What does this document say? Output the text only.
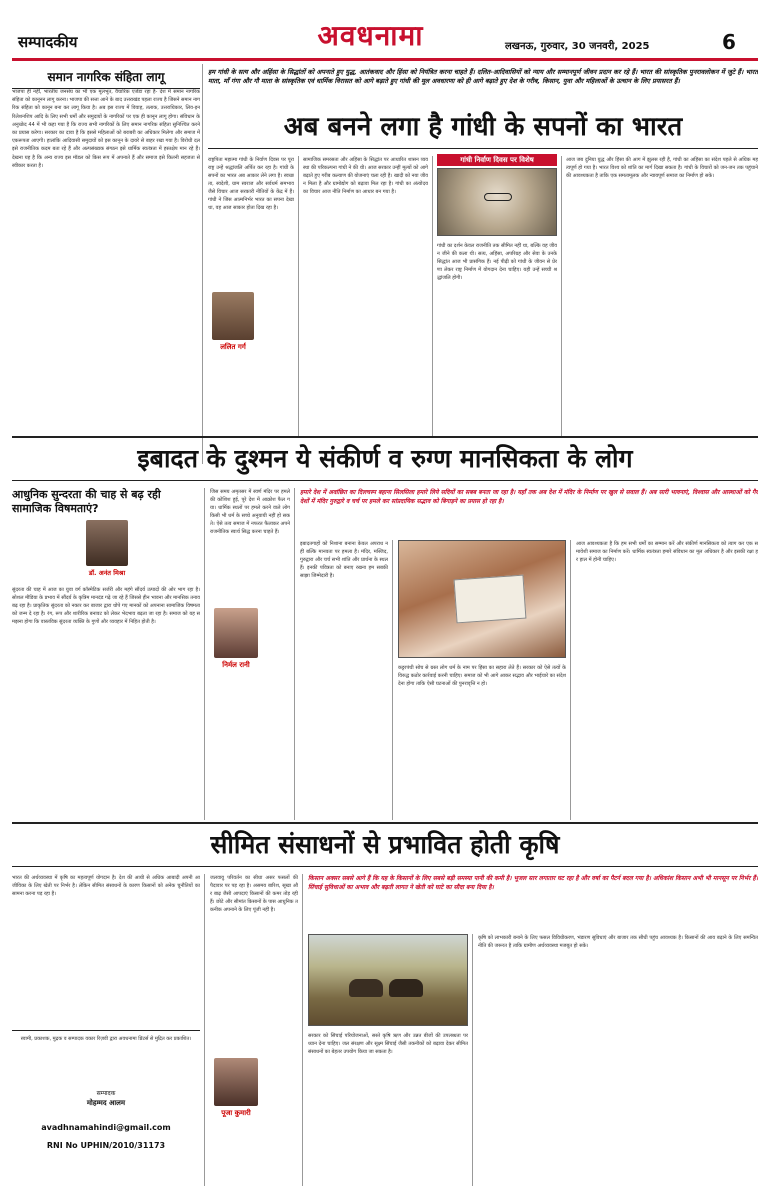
सम्पादकीय	अवधनामा	लखनऊ, गुरुवार, 30 जनवरी, 2025	6
समान नागरिक संहिता लागू
भाजपा ही नहीं, भारतीय जनसंघ का भी एक मूलभूत, वैचारिक एजेंडा रहा है- देश में समान नागरिक संहिता को कानूनन लागू करना। भाजपा की सत्ता आने के बाद उत्तराखंड पहला राज्य है जिसने समान नागरिक संहिता को कानून बना कर लागू किया है। अब इस राज्य में विवाह, तलाक, उत्तराधिकार, लिव-इन रिलेशनशिप आदि के लिए सभी धर्मों और समुदायों के नागरिकों पर एक ही कानून लागू होगा। संविधान के अनुच्छेद 44 में भी कहा गया है कि राज्य सभी नागरिकों के लिए समान नागरिक संहिता सुनिश्चित करने का प्रयास करेगा। सरकार का दावा है कि इससे महिलाओं को बराबरी का अधिकार मिलेगा और समाज में एकरूपता आएगी। हालांकि आदिवासी समुदायों को इस कानून के दायरे से बाहर रखा गया है। विरोधी दल इसे राजनीतिक कदम बता रहे हैं और अल्पसंख्यक संगठन इसे धार्मिक स्वतंत्रता में हस्तक्षेप मान रहे हैं। देखना यह है कि अन्य राज्य इस मॉडल को किस रूप में अपनाते हैं और समाज इसे कितनी सहजता से स्वीकार करता है।
हम गांधी के सत्य और अहिंसा के सिद्धांतों को अपनाते हुए युद्ध, आतंकवाद और हिंसा को नियंत्रित करना चाहते हैं। दलित-आदिवासियों को न्याय और सम्मानपूर्ण जीवन प्रदान कर रहे हैं। भारत की सांस्कृतिक पुनरावलोकन में जुटे हैं। भारत माता, माँ गंगा और गौ माता के सांस्कृतिक एवं धार्मिक विरासत को आगे बढ़ाते हुए गांधी की मूल अवधारणा को ही आगे बढ़ाते हुए देश के गरीब, किसान, युवा और महिलाओं के उत्थान के लिए प्रयासरत हैं।
अब बनने लगा है गांधी के सपनों का भारत
राष्ट्रपिता महात्मा गांधी के निर्वाण दिवस पर पूरा राष्ट्र उन्हें श्रद्धांजलि अर्पित कर रहा है। गांधी के सपनों का भारत अब आकार लेने लगा है। स्वच्छता, स्वदेशी, ग्राम स्वराज और सर्वधर्म समभाव जैसे विचार आज सरकारी नीतियों के केंद्र में हैं। गांधी ने जिस आत्मनिर्भर भारत का सपना देखा था, वह आज साकार होता दिख रहा है।
ललित गर्ग
सामाजिक समरसता और अहिंसा के सिद्धांत पर आधारित शासन व्यवस्था की परिकल्पना गांधी ने की थी। आज सरकार उन्हीं मूल्यों को आगे बढ़ाते हुए गरीब कल्याण की योजनाएं चला रही है। खादी को नया जीवन मिला है और ग्रामोद्योग को बढ़ावा मिल रहा है। गांधी का अंत्योदय का विचार आज नीति निर्माण का आधार बन गया है।
गांधी निर्वाण दिवस पर विशेष
गांधी का दर्शन केवल राजनीति तक सीमित नहीं था, बल्कि वह जीवन जीने की कला थी। सत्य, अहिंसा, अपरिग्रह और सेवा के उनके सिद्धांत आज भी प्रासंगिक हैं। नई पीढ़ी को गांधी के जीवन से प्रेरणा लेकर राष्ट्र निर्माण में योगदान देना चाहिए। यही उन्हें सच्ची श्रद्धांजलि होगी।
आज जब दुनिया युद्ध और हिंसा की आग में झुलस रही है, गांधी का अहिंसा का संदेश पहले से अधिक महत्वपूर्ण हो गया है। भारत विश्व को शांति का मार्ग दिखा सकता है। गांधी के विचारों को जन-जन तक पहुंचाने की आवश्यकता है ताकि एक समतामूलक और न्यायपूर्ण समाज का निर्माण हो सके।
इबादत के दुश्मन ये संकीर्ण व रुग्ण मानसिकता के लोग
आधुनिक सुन्दरता की चाह से बढ़ रही सामाजिक विषमताएं?
डॉ. अनंत मिश्रा
सुंदरता की चाह में आज का युवा वर्ग कॉस्मेटिक सर्जरी और महंगे सौंदर्य उत्पादों की ओर भाग रहा है। सोशल मीडिया के प्रभाव में सौंदर्य के कृत्रिम मानदंड गढ़े जा रहे हैं जिससे हीन भावना और मानसिक तनाव बढ़ रहा है। प्राकृतिक सुंदरता को नकार कर बाजार द्वारा थोपे गए मानकों को अपनाना सामाजिक विषमता को जन्म दे रहा है। रंग, रूप और शारीरिक बनावट को लेकर भेदभाव बढ़ता जा रहा है। समाज को यह समझना होगा कि वास्तविक सुंदरता व्यक्ति के गुणों और व्यवहार में निहित होती है।
जिस समय अमृतसर में स्वर्ण मंदिर पर हमले की कोशिश हुई, पूरे देश में आक्रोश फैल गया। धार्मिक स्थलों पर हमले करने वाले लोग किसी भी धर्म के सच्चे अनुयायी नहीं हो सकते। ऐसे तत्व समाज में नफरत फैलाकर अपने राजनीतिक स्वार्थ सिद्ध करना चाहते हैं।
निर्मल रानी
हमारे देश में अवांछित का दिलचस्प बहाना सिलसिला हमारे लिये सदियों का सबब बनता जा रहा है। यहाँ तक अब देश में मंदिर के निर्माण पर खुल से सवाल हैं। अब सारी भावनाएं, विश्वास और आस्थाओं को गैर देशों में मंदिर गुरुद्वारे व चर्च पर हमले कर सांप्रदायिक सद्भाव को बिगाड़ने का प्रयास हो रहा है।
इबादतगाहों को निशाना बनाना केवल अपराध नहीं बल्कि मानवता पर हमला है। मंदिर, मस्जिद, गुरुद्वारा और चर्च सभी शांति और प्रार्थना के स्थल हैं। इनकी पवित्रता को बनाए रखना हम सबकी साझा जिम्मेदारी है।
कट्टरपंथी सोच से ग्रस्त लोग धर्म के नाम पर हिंसा का सहारा लेते हैं। सरकार को ऐसे तत्वों के विरुद्ध कठोर कार्रवाई करनी चाहिए। समाज को भी आगे आकर सद्भाव और भाईचारे का संदेश देना होगा ताकि ऐसी घटनाओं की पुनरावृत्ति न हो।
आज आवश्यकता है कि हम सभी धर्मों का सम्मान करें और संकीर्ण मानसिकता को त्याग कर एक समावेशी समाज का निर्माण करें। धार्मिक स्वतंत्रता हमारे संविधान का मूल अधिकार है और इसकी रक्षा हर हाल में होनी चाहिए।
सीमित संसाधनों से प्रभावित होती कृषि
स्वामी, प्रकाशक, मुद्रक व सम्पादक वकार रिज़वी द्वारा अवधनामा प्रिंटर्स से मुद्रित कर प्रकाशित।
सम्पादक
मोहम्मद आलम
avadhnamahindi@gmail.com
RNI No UPHIN/2010/31173
भारत की अर्थव्यवस्था में कृषि का महत्वपूर्ण योगदान है। देश की आधी से अधिक आबादी अपनी आजीविका के लिए खेती पर निर्भर है। लेकिन सीमित संसाधनों के कारण किसानों को अनेक चुनौतियों का सामना करना पड़ रहा है।
जलवायु परिवर्तन का सीधा असर फसलों की पैदावार पर पड़ रहा है। असमय बारिश, सूखा और बाढ़ जैसी आपदाएं किसानों की कमर तोड़ रही हैं। छोटे और सीमांत किसानों के पास आधुनिक तकनीक अपनाने के लिए पूंजी नहीं है।
पूजा कुमारी
किसान अक्सर सबसे आगे हैं कि यह के किसानों के लिए सबसे बड़ी समस्या पानी की कमी है। भूजल स्तर लगातार घट रहा है और वर्षा का पैटर्न बदल गया है। अधिकांश किसान अभी भी मानसून पर निर्भर हैं। सिंचाई सुविधाओं का अभाव और बढ़ती लागत ने खेती को घाटे का सौदा बना दिया है।
सरकार को सिंचाई परियोजनाओं, सस्ते कृषि ऋण और उन्नत बीजों की उपलब्धता पर ध्यान देना चाहिए। जल संरक्षण और सूक्ष्म सिंचाई जैसी तकनीकों को बढ़ावा देकर सीमित संसाधनों का बेहतर उपयोग किया जा सकता है।
कृषि को लाभकारी बनाने के लिए फसल विविधीकरण, भंडारण सुविधाएं और बाजार तक सीधी पहुंच आवश्यक है। किसानों की आय बढ़ाने के लिए समन्वित नीति की जरूरत है ताकि ग्रामीण अर्थव्यवस्था मजबूत हो सके।
